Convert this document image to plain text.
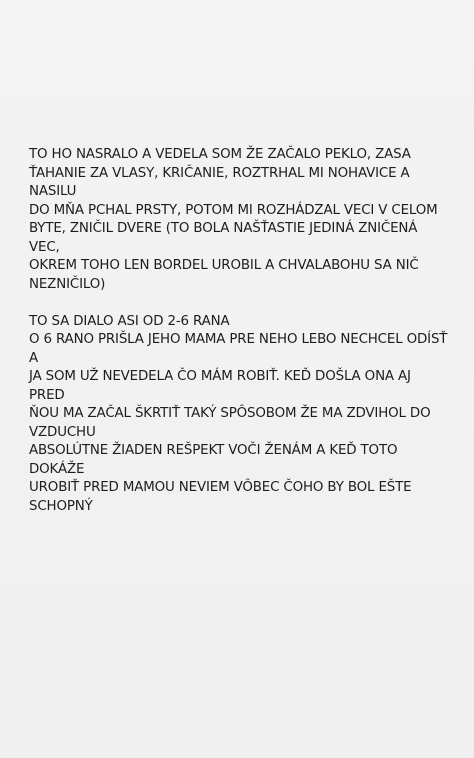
TO HO NASRALO A VEDELA SOM ŽE ZAČALO PEKLO, ZASA
ŤAHANIE ZA VLASY, KRIČANIE, ROZTRHAL MI NOHAVICE A NASILU
DO MŇA PCHAL PRSTY, POTOM MI ROZHÁDZAL VECI V CELOM
BYTE, ZNIČIL DVERE (TO BOLA NAŠŤASTIE JEDINÁ ZNIČENÁ VEC,
OKREM TOHO LEN BORDEL UROBIL A CHVALABOHU SA NIČ
NEZNIČILO)

TO SA DIALO ASI OD 2-6 RANA
O 6 RANO PRIŠLA JEHO MAMA PRE NEHO LEBO NECHCEL ODÍSŤ A
JA SOM UŽ NEVEDELA ČO MÁM ROBIŤ. KEĎ DOŠLA ONA AJ PRED
ŇOU MA ZAČAL ŠKRTIŤ TAKÝ SPÔSOBOM ŽE MA ZDVIHOL DO
VZDUCHU
ABSOLÚTNE ŽIADEN REŠPEKT VOČI ŽENÁM A KEĎ TOTO DOKÁŽE
UROBIŤ PRED MAMOU NEVIEM VÔBEC ČOHO BY BOL EŠTE
SCHOPNÝ
